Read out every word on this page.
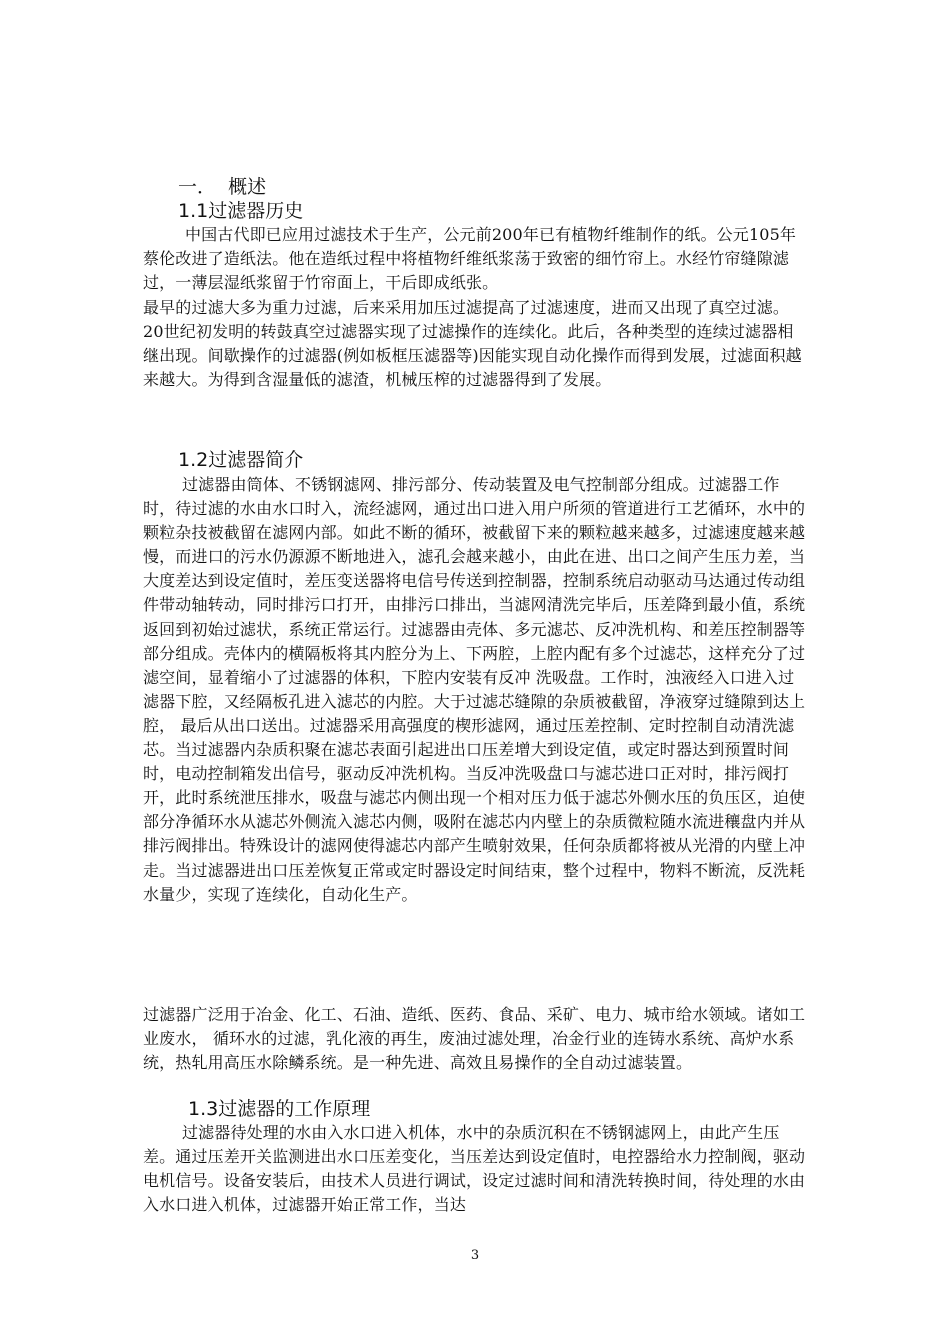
一．  概述
1.1过滤器历史

中国古代即已应用过滤技术于生产，公元前200年已有植物纤维制作的纸。公元105年蔡伦改进了造纸法。他在造纸过程中将植物纤维纸浆荡于致密的细竹帘上。水经竹帘缝隙滤过，一薄层湿纸浆留于竹帘面上，干后即成纸张。

最早的过滤大多为重力过滤，后来采用加压过滤提高了过滤速度，进而又出现了真空过滤。20世纪初发明的转鼓真空过滤器实现了过滤操作的连续化。此后，各种类型的连续过滤器相继出现。间歇操作的过滤器(例如板框压滤器等)因能实现自动化操作而得到发展，过滤面积越来越大。为得到含湿量低的滤渣，机械压榨的过滤器得到了发展。

1.2过滤器简介

过滤器由筒体、不锈钢滤网、排污部分、传动装置及电气控制部分组成。过滤器工作时，待过滤的水由水口时入，流经滤网，通过出口进入用户所须的管道进行工艺循环，水中的颗粒杂技被截留在滤网内部。如此不断的循环，被截留下来的颗粒越来越多，过滤速度越来越慢，而进口的污水仍源源不断地进入，滤孔会越来越小，由此在进、出口之间产生压力差，当大度差达到设定值时，差压变送器将电信号传送到控制器，控制系统启动驱动马达通过传动组件带动轴转动，同时排污口打开，由排污口排出，当滤网清洗完毕后，压差降到最小值，系统返回到初始过滤状，系统正常运行。过滤器由壳体、多元滤芯、反冲洗机构、和差压控制器等部分组成。壳体内的横隔板将其内腔分为上、下两腔，上腔内配有多个过滤芯，这样充分了过滤空间，显着缩小了过滤器的体积，下腔内安装有反冲 洗吸盘。工作时，浊液经入口进入过滤器下腔，又经隔板孔进入滤芯的内腔。大于过滤芯缝隙的杂质被截留，净液穿过缝隙到达上腔， 最后从出口送出。过滤器采用高强度的楔形滤网，通过压差控制、定时控制自动清洗滤芯。当过滤器内杂质积聚在滤芯表面引起进出口压差增大到设定值，或定时器达到预置时间时，电动控制箱发出信号，驱动反冲洗机构。当反冲洗吸盘口与滤芯进口正对时，排污阀打开，此时系统泄压排水，吸盘与滤芯内侧出现一个相对压力低于滤芯外侧水压的负压区，迫使部分净循环水从滤芯外侧流入滤芯内侧，吸附在滤芯内内壁上的杂质微粒随水流进穰盘内并从排污阀排出。特殊设计的滤网使得滤芯内部产生喷射效果，任何杂质都将被从光滑的内壁上冲走。当过滤器进出口压差恢复正常或定时器设定时间结束，整个过程中，物料不断流，反洗耗水量少，实现了连续化，自动化生产。

过滤器广泛用于冶金、化工、石油、造纸、医药、食品、采矿、电力、城市给水领域。诸如工业废水， 循环水的过滤，乳化液的再生，废油过滤处理，冶金行业的连铸水系统、高炉水系统，热轧用高压水除鳞系统。是一种先进、高效且易操作的全自动过滤装置。

1.3过滤器的工作原理

过滤器待处理的水由入水口进入机体，水中的杂质沉积在不锈钢滤网上，由此产生压差。通过压差开关监测进出水口压差变化，当压差达到设定值时，电控器给水力控制阀，驱动电机信号。设备安装后，由技术人员进行调试，设定过滤时间和清洗转换时间，待处理的水由入水口进入机体，过滤器开始正常工作，当达

3
